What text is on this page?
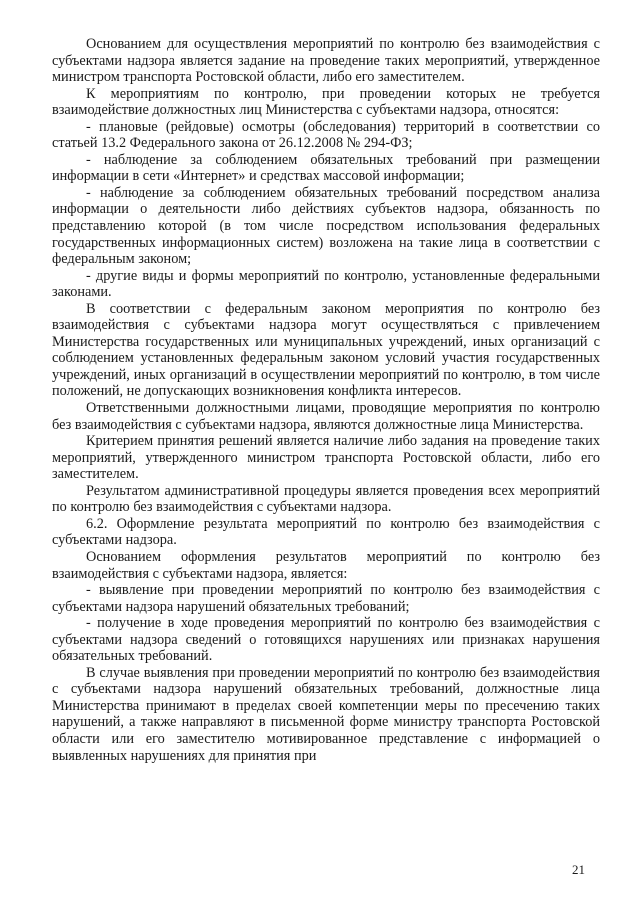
Основанием для осуществления мероприятий по контролю без взаимодействия с субъектами надзора является задание на проведение таких мероприятий, утвержденное министром транспорта Ростовской области, либо его заместителем.

К мероприятиям по контролю, при проведении которых не требуется взаимодействие должностных лиц Министерства с субъектами надзора, относятся:

- плановые (рейдовые) осмотры (обследования) территорий в соответствии со статьей 13.2 Федерального закона от 26.12.2008 № 294-ФЗ;

- наблюдение за соблюдением обязательных требований при размещении информации в сети «Интернет» и средствах массовой информации;

- наблюдение за соблюдением обязательных требований посредством анализа информации о деятельности либо действиях субъектов надзора, обязанность по представлению которой (в том числе посредством использования федеральных государственных информационных систем) возложена на такие лица в соответствии с федеральным законом;

- другие виды и формы мероприятий по контролю, установленные федеральными законами.

В соответствии с федеральным законом мероприятия по контролю без взаимодействия с субъектами надзора могут осуществляться с привлечением Министерства государственных или муниципальных учреждений, иных организаций с соблюдением установленных федеральным законом условий участия государственных учреждений, иных организаций в осуществлении мероприятий по контролю, в том числе положений, не допускающих возникновения конфликта интересов.

Ответственными должностными лицами, проводящие мероприятия по контролю без взаимодействия с субъектами надзора, являются должностные лица Министерства.

Критерием принятия решений является наличие либо задания на проведение таких мероприятий, утвержденного министром транспорта Ростовской области, либо его заместителем.

Результатом административной процедуры является проведения всех мероприятий по контролю без взаимодействия с субъектами надзора.

6.2. Оформление результата мероприятий по контролю без взаимодействия с субъектами надзора.

Основанием оформления результатов мероприятий по контролю без взаимодействия с субъектами надзора, является:

- выявление при проведении мероприятий по контролю без взаимодействия с субъектами надзора нарушений обязательных требований;

- получение в ходе проведения мероприятий по контролю без взаимодействия с субъектами надзора сведений о готовящихся нарушениях или признаках нарушения обязательных требований.

В случае выявления при проведении мероприятий по контролю без взаимодействия с субъектами надзора нарушений обязательных требований, должностные лица Министерства принимают в пределах своей компетенции меры по пресечению таких нарушений, а также направляют в письменной форме министру транспорта Ростовской области или его заместителю мотивированное представление с информацией о выявленных нарушениях для принятия при

21
